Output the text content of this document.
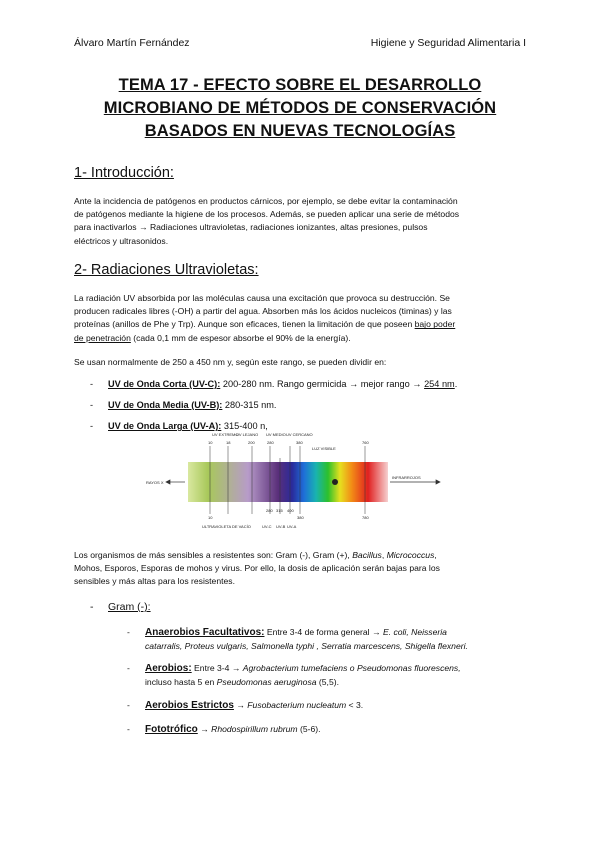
Álvaro Martín Fernández	Higiene y Seguridad Alimentaria I
TEMA 17 - EFECTO SOBRE EL DESARROLLO
MICROBIANO DE MÉTODOS DE CONSERVACIÓN
BASADOS EN NUEVAS TECNOLOGÍAS
1- Introducción:
Ante la incidencia de patógenos en productos cárnicos, por ejemplo, se debe evitar la contaminación
de patógenos mediante la higiene de los procesos. Además, se pueden aplicar una serie de métodos
para inactivarlos → Radiaciones ultravioletas, radiaciones ionizantes, altas presiones, pulsos
eléctricos y ultrasonidos.
2- Radiaciones Ultravioletas:
La radiación UV absorbida por las moléculas causa una excitación que provoca su destrucción. Se
producen radicales libres (-OH) a partir del agua. Absorben más los ácidos nucleicos (timinas) y las
proteínas (anillos de Phe y Trp). Aunque son eficaces, tienen la limitación de que poseen bajo poder
de penetración (cada 0,1 mm de espesor absorbe el 90% de la energía).
Se usan normalmente de 250 a 450 nm y, según este rango, se pueden dividir en:
- UV de Onda Corta (UV-C): 200-280 nm. Rango germicida → mejor rango → 254 nm.
- UV de Onda Media (UV-B): 280-315 nm.
- UV de Onda Larga (UV-A): 315-400 n,
RAYOS X
INFRARROJOS
LUZ VISIBLE
UV EXTREMO
UV LEJANO UV MEDIO UV CERCANO
10	18	200	280	380	760
10	380	780
280 315 400
ULTRAVIOLETA DE VACÍO	UV-C UV-B UV-A
Los organismos de más sensibles a resistentes son: Gram (-), Gram (+), Bacillus, Micrococcus,
Mohos, Esporos, Esporas de mohos y virus. Por ello, la dosis de aplicación serán bajas para los
sensibles y más altas para los resistentes.
- Gram (-):
- Anaerobios Facultativos: Entre 3-4 de forma general → E. coli, Neisseria
catarralis, Proteus vulgaris, Salmonella typhi , Serratia marcescens, Shigella flexneri.
- Aerobios: Entre 3-4 → Agrobacterium tumefaciens o Pseudomonas fluorescens,
incluso hasta 5 en Pseudomonas aeruginosa (5,5).
- Aerobios Estrictos → Fusobacterium nucleatum < 3.
- Fototrófico → Rhodospirillum rubrum (5-6).
